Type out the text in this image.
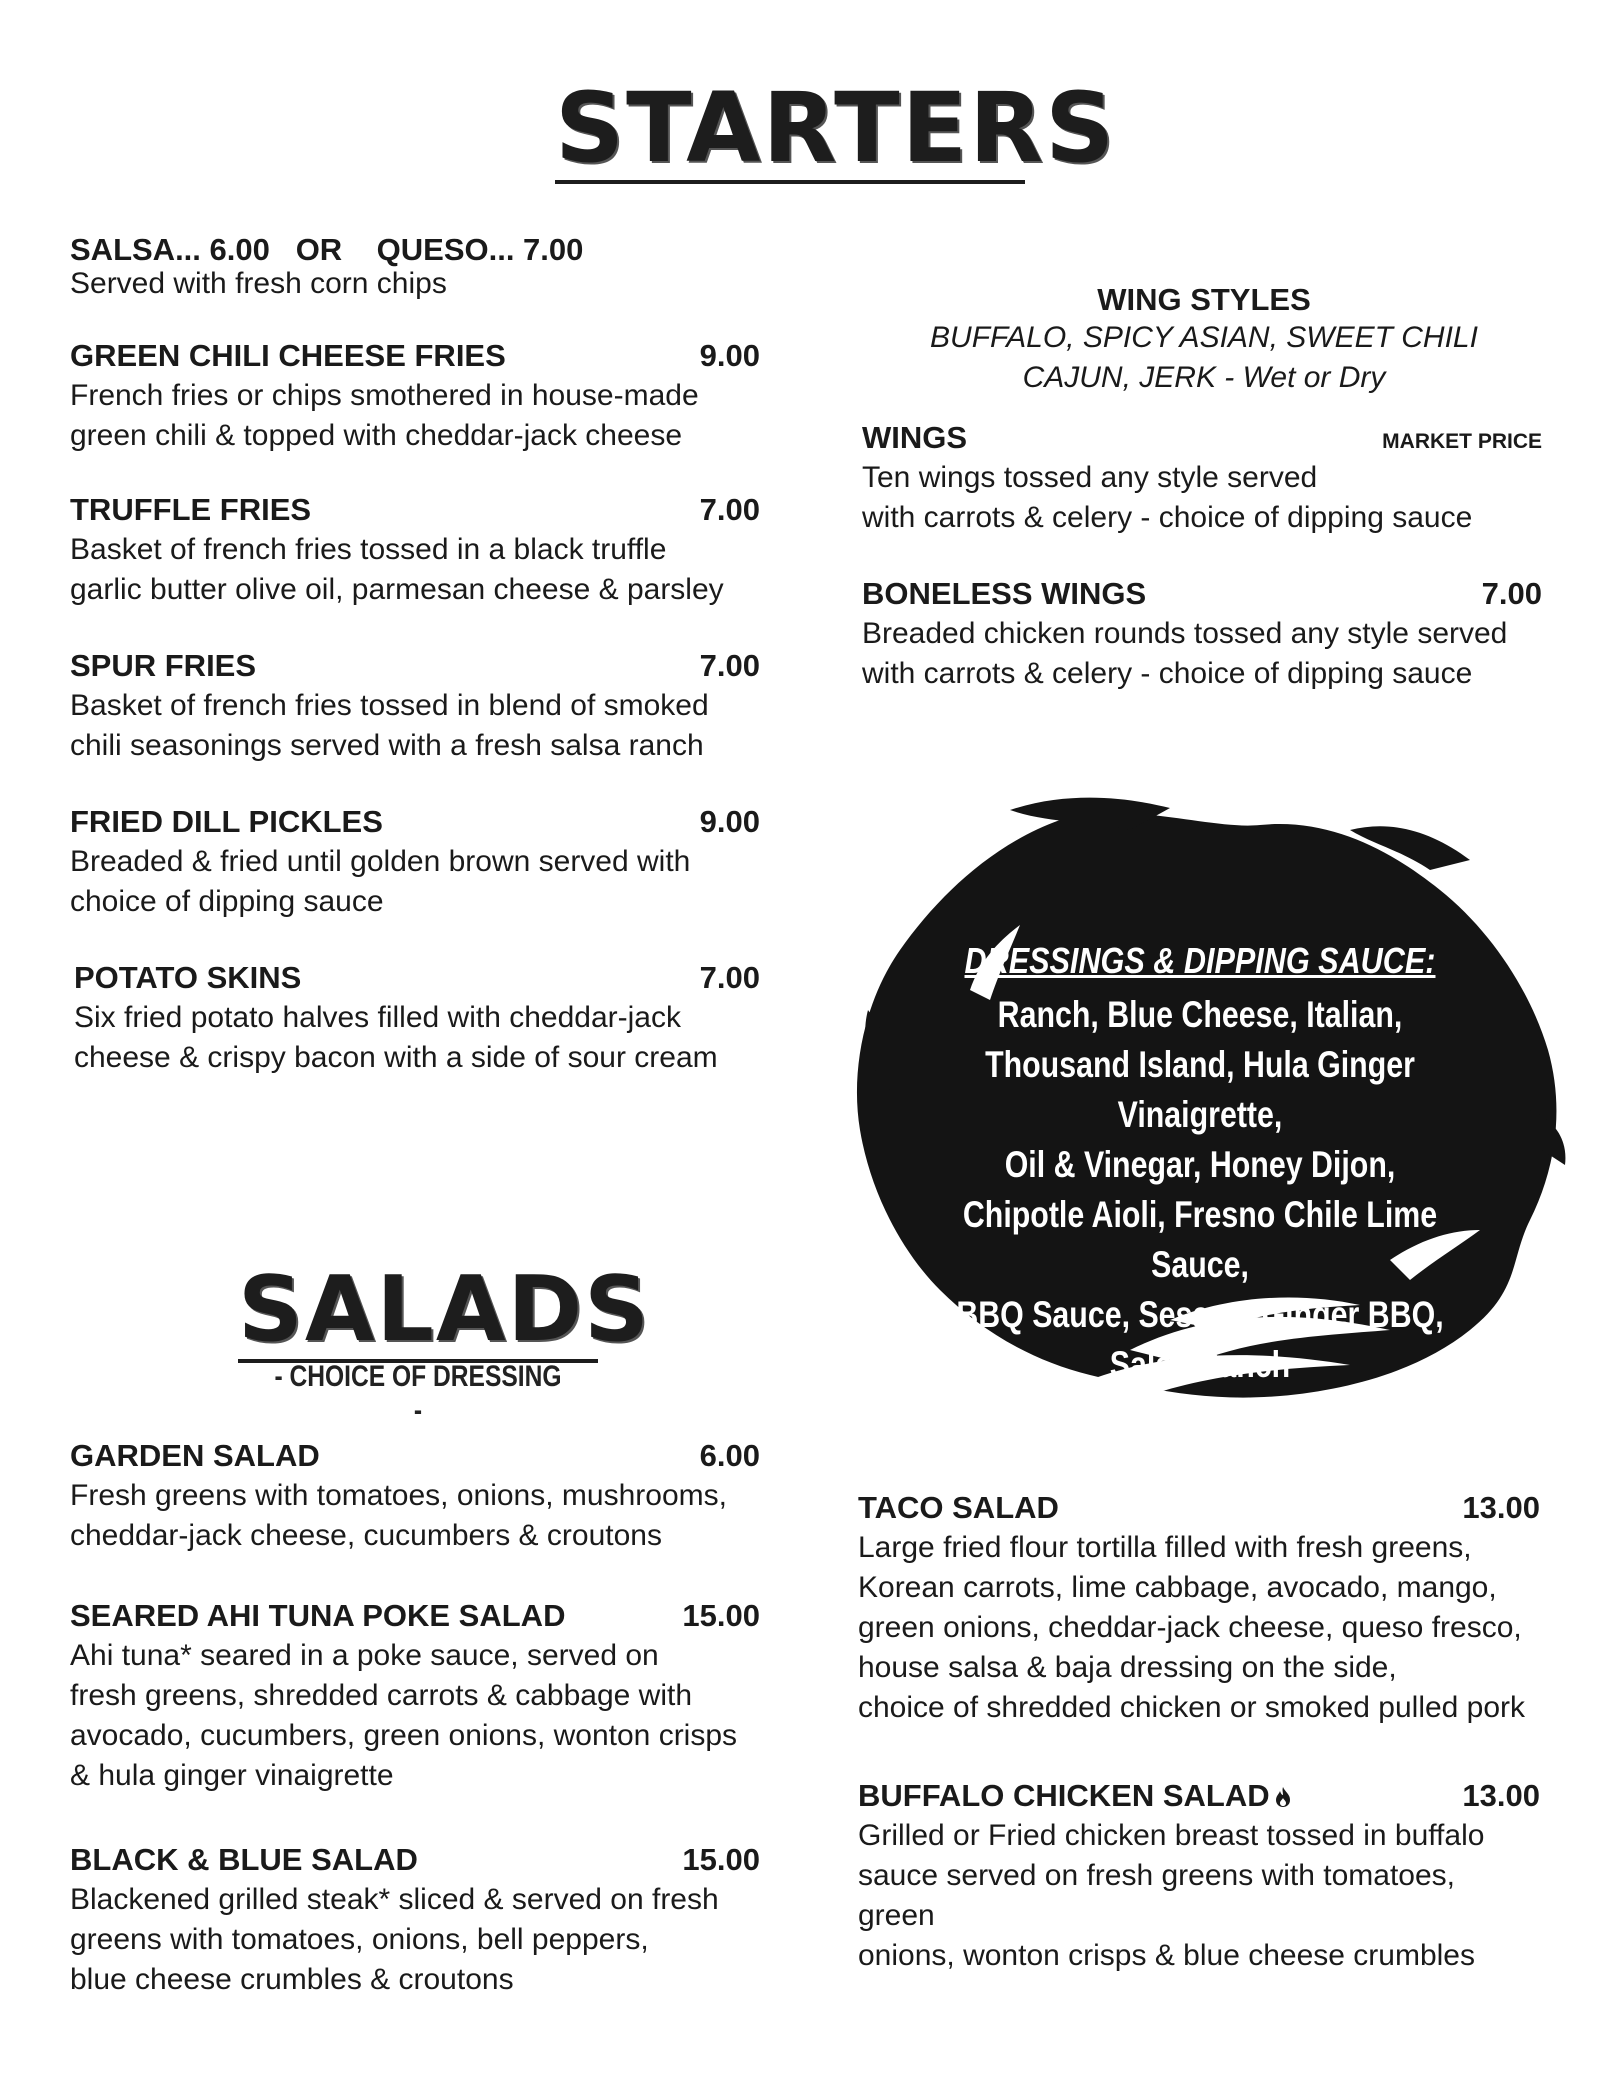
STARTERS
SALSA... 6.00   OR    QUESO... 7.00
Served with fresh corn chips
GREEN CHILI CHEESE FRIES	9.00
French fries or chips smothered in house-made
green chili & topped with cheddar-jack cheese
TRUFFLE FRIES	7.00
Basket of french fries tossed in a black truffle
garlic butter olive oil, parmesan cheese & parsley
SPUR FRIES	7.00
Basket of french fries tossed in blend of smoked
chili seasonings served with a fresh salsa ranch
FRIED DILL PICKLES	9.00
Breaded & fried until golden brown served with
choice of dipping sauce
POTATO SKINS	7.00
Six fried potato halves filled with cheddar-jack
cheese & crispy bacon with a side of sour cream
WING STYLES
BUFFALO, SPICY ASIAN, SWEET CHILI
CAJUN, JERK - Wet or Dry
WINGS	MARKET PRICE
Ten wings tossed any style served
with carrots & celery - choice of dipping sauce
BONELESS WINGS	7.00
Breaded chicken rounds tossed any style served
with carrots & celery - choice of dipping sauce
DRESSINGS & DIPPING SAUCE:
Ranch, Blue Cheese, Italian,
Thousand Island, Hula Ginger Vinaigrette,
Oil & Vinegar, Honey Dijon,
Chipotle Aioli, Fresno Chile Lime Sauce,
BBQ Sauce, Sesame Ginger BBQ,
Salsa Ranch
SALADS

- CHOICE OF DRESSING -

GARDEN SALAD	6.00
Fresh greens with tomatoes, onions, mushrooms,
cheddar-jack cheese, cucumbers & croutons
SEARED AHI TUNA POKE SALAD	15.00
Ahi tuna* seared in a poke sauce, served on
fresh greens, shredded carrots & cabbage with
avocado, cucumbers, green onions, wonton crisps
& hula ginger vinaigrette
BLACK & BLUE SALAD	15.00
Blackened grilled steak* sliced & served on fresh
greens with tomatoes, onions, bell peppers,
blue cheese crumbles & croutons
TACO SALAD	13.00
Large fried flour tortilla filled with fresh greens,
Korean carrots, lime cabbage, avocado, mango,
green onions, cheddar-jack cheese, queso fresco,
house salsa & baja dressing on the side,
choice of shredded chicken or smoked pulled pork
BUFFALO CHICKEN SALAD	13.00
Grilled or Fried chicken breast tossed in buffalo
sauce served on fresh greens with tomatoes, green
onions, wonton crisps & blue cheese crumbles
